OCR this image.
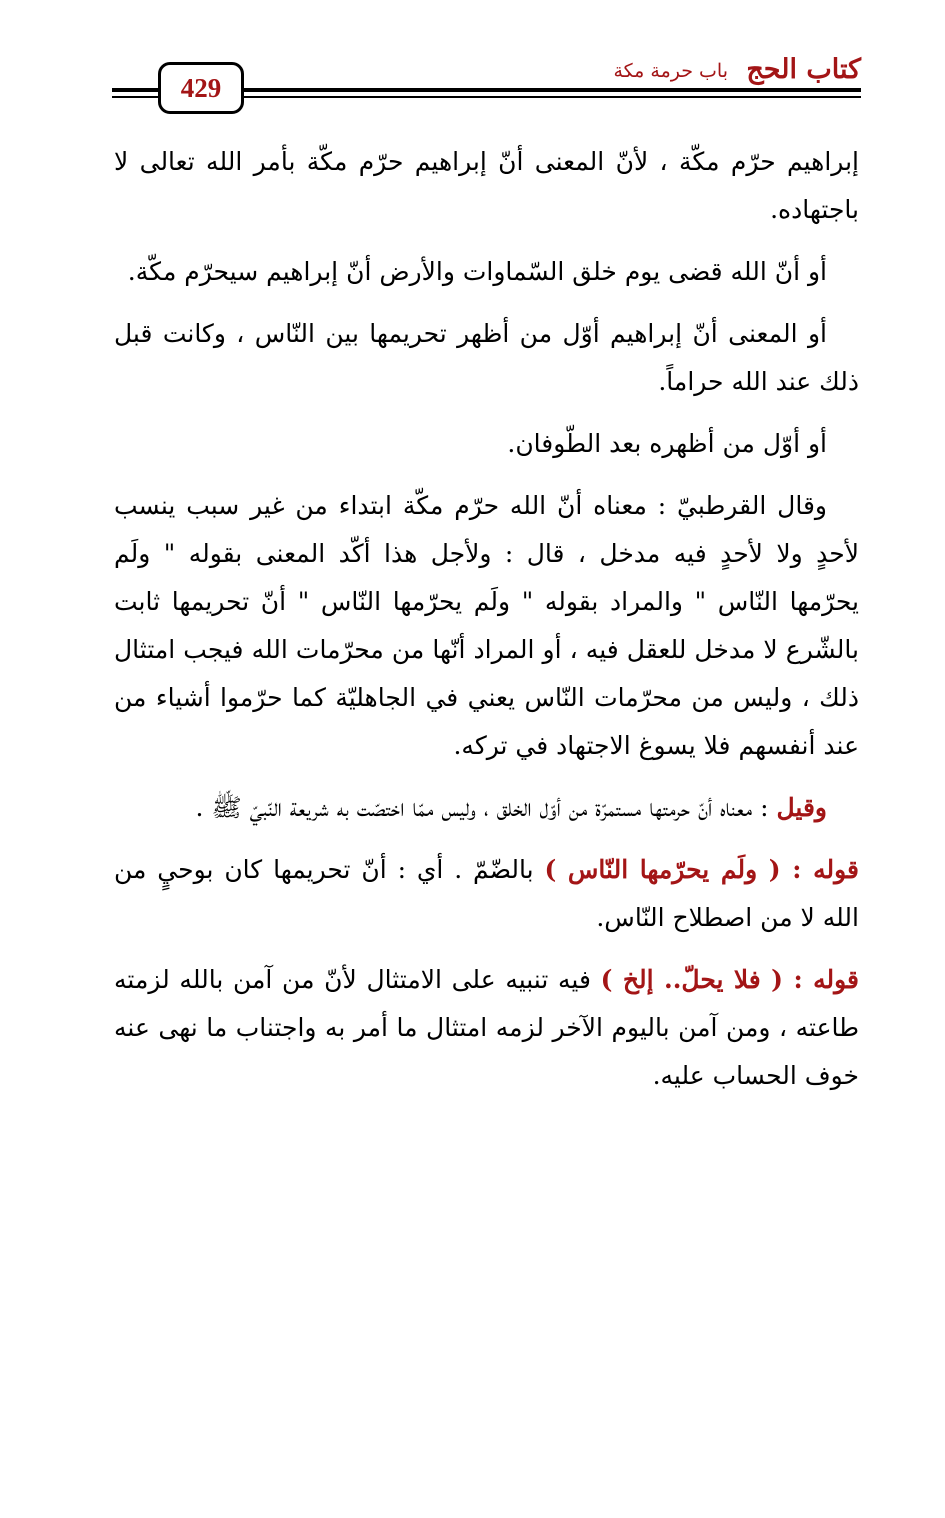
كتاب الحج
باب حرمة مكة
429

إبراهيم حرّم مكّة ، لأنّ المعنى أنّ إبراهيم حرّم مكّة بأمر الله تعالى لا باجتهاده.

أو أنّ الله قضى يوم خلق السّماوات والأرض أنّ إبراهيم سيحرّم مكّة.

أو المعنى أنّ إبراهيم أوّل من أظهر تحريمها بين النّاس ، وكانت قبل ذلك عند الله حراماً.

أو أوّل من أظهره بعد الطّوفان.

وقال القرطبيّ : معناه أنّ الله حرّم مكّة ابتداء من غير سبب ينسب لأحدٍ ولا لأحدٍ فيه مدخل ، قال : ولأجل هذا أكّد المعنى بقوله " ولَم يحرّمها النّاس " والمراد بقوله " ولَم يحرّمها النّاس " أنّ تحريمها ثابت بالشّرع لا مدخل للعقل فيه ، أو المراد أنّها من محرّمات الله فيجب امتثال ذلك ، وليس من محرّمات النّاس يعني في الجاهليّة كما حرّموا أشياء من عند أنفسهم فلا يسوغ الاجتهاد في تركه.

وقيل : معناه أنّ حرمتها مستمرّة من أوّل الخلق ، وليس ممّا اختصّت به شريعة النّبيّ ﷺ .

قوله : ( ولَم يحرّمها النّاس ) بالضّمّ . أي : أنّ تحريمها كان بوحيٍ من الله لا من اصطلاح النّاس.

قوله : ( فلا يحلّ.. إلخ ) فيه تنبيه على الامتثال لأنّ من آمن بالله لزمته طاعته ، ومن آمن باليوم الآخر لزمه امتثال ما أمر به واجتناب ما نهى عنه خوف الحساب عليه.
